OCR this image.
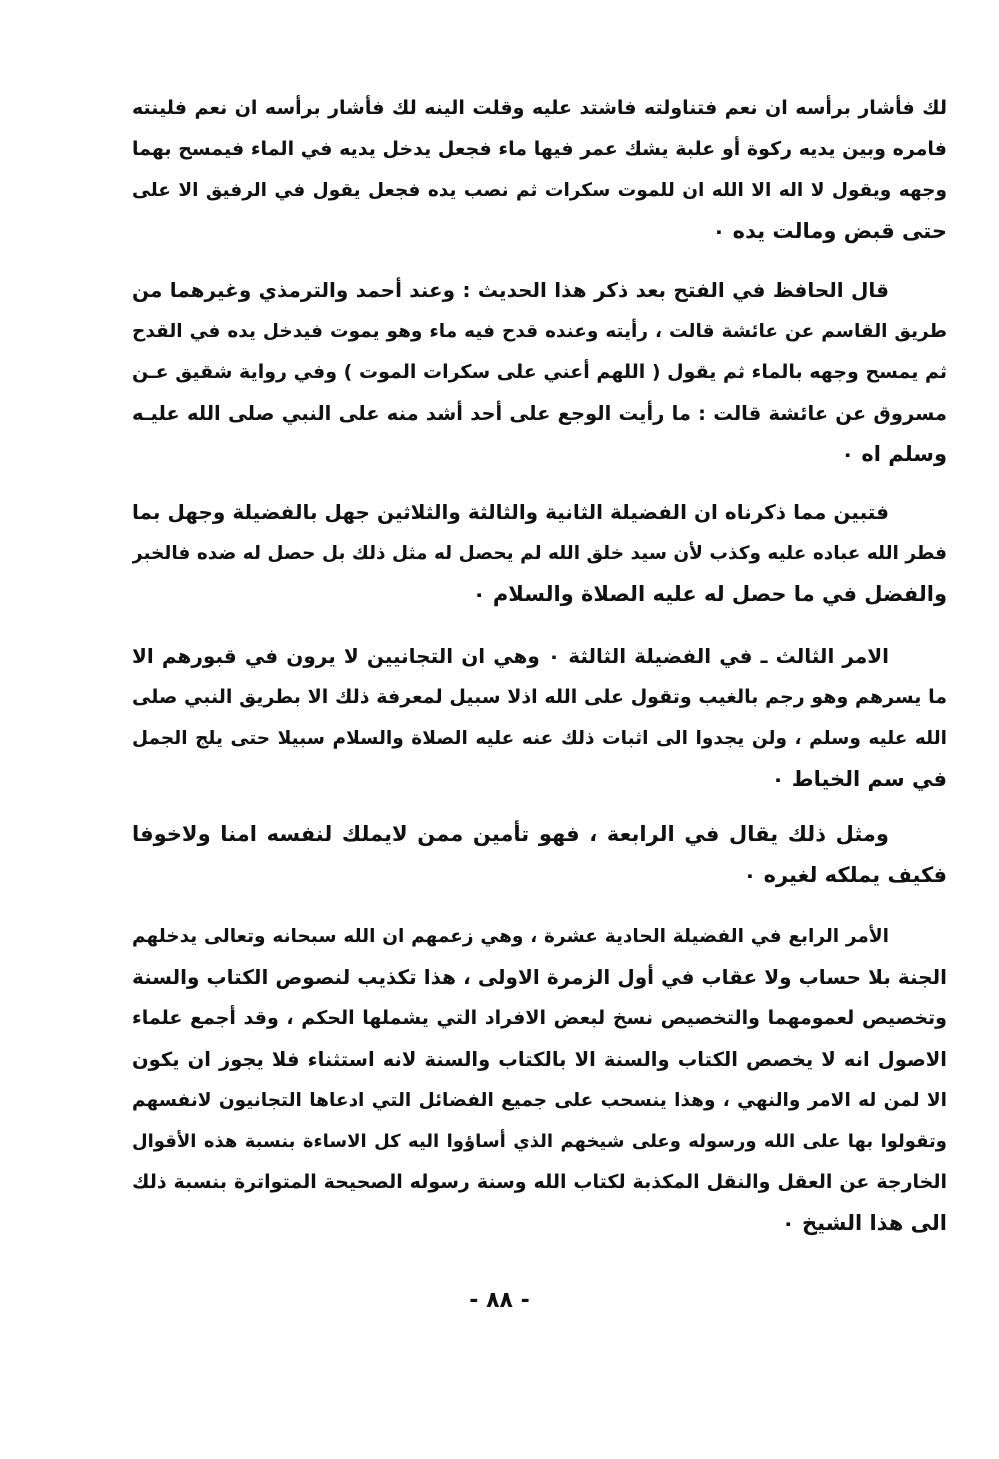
لك فأشار برأسه ان نعم فتناولته فاشتد عليه وقلت الينه لك فأشار برأسه ان نعم فلينته
فامره وبين يديه ركوة أو علبة يشك عمر فيها ماء فجعل يدخل يديه في الماء فيمسح بهما
وجهه ويقول لا اله الا الله ان للموت سكرات ثم نصب يده فجعل يقول في الرفيق الا على
حتى قبض ومالت يده ٠
قال الحافظ في الفتح بعد ذكر هذا الحديث : وعند أحمد والترمذي وغيرهما من
طريق القاسم عن عائشة قالت ، رأيته وعنده قدح فيه ماء وهو يموت فيدخل يده في القدح
ثم يمسح وجهه بالماء ثم يقول ( اللهم أعني على سكرات الموت ) وفي رواية شقيق عـن
مسروق عن عائشة قالت : ما رأيت الوجع على أحد أشد منه على النبي صلى الله عليـه
وسلم اه ٠
فتبين مما ذكرناه ان الفضيلة الثانية والثالثة والثلاثين جهل بالفضيلة وجهل بما
فطر الله عباده عليه وكذب لأن سيد خلق الله لم يحصل له مثل ذلك بل حصل له ضده فالخبر
والفضل في ما حصل له عليه الصلاة والسلام ٠
الامر الثالث ـ في الفضيلة الثالثة ٠ وهي ان التجانيين لا يرون في قبورهم الا
ما يسرهم وهو رجم بالغيب وتقول على الله اذلا سبيل لمعرفة ذلك الا بطريق النبي صلى
الله عليه وسلم ، ولن يجدوا الى اثبات ذلك عنه عليه الصلاة والسلام سبيلا حتى يلج الجمل
في سم الخياط ٠
ومثل ذلك يقال في الرابعة ، فهو تأمين ممن لايملك لنفسه امنا ولاخوفا
فكيف يملكه لغيره ٠
الأمر الرابع في الفضيلة الحادية عشرة ، وهي زعمهم ان الله سبحانه وتعالى يدخلهم
الجنة بلا حساب ولا عقاب في أول الزمرة الاولى ، هذا تكذيب لنصوص الكتاب والسنة
وتخصيص لعمومهما والتخصيص نسخ لبعض الافراد التي يشملها الحكم ، وقد أجمع علماء
الاصول انه لا يخصص الكتاب والسنة الا بالكتاب والسنة لانه استثناء فلا يجوز ان يكون
الا لمن له الامر والنهي ، وهذا ينسحب على جميع الفضائل التي ادعاها التجانيون لانفسهم
وتقولوا بها على الله ورسوله وعلى شيخهم الذي أساؤوا اليه كل الاساءة بنسبة هذه الأقوال
الخارجة عن العقل والنقل المكذبة لكتاب الله وسنة رسوله الصحيحة المتواترة بنسبة ذلك
الى هذا الشيخ ٠
- ٨٨ -
